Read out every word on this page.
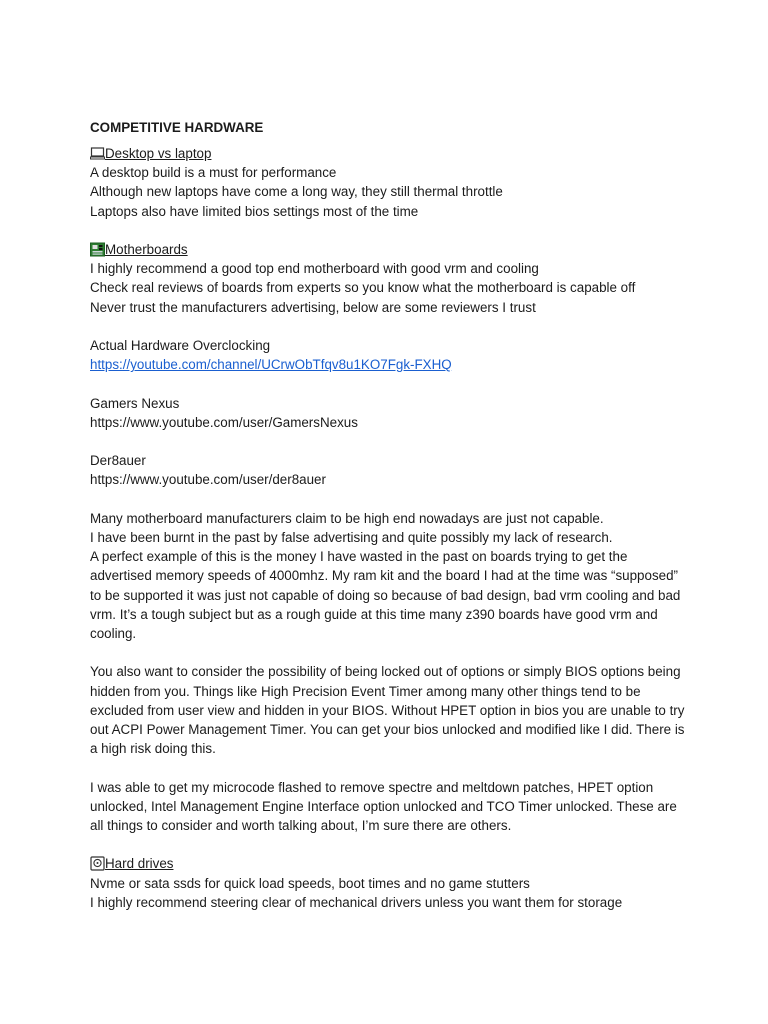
COMPETITIVE HARDWARE
Desktop vs laptop
A desktop build is a must for performance
Although new laptops have come a long way, they still thermal throttle
Laptops also have limited bios settings most of the time
Motherboards
I highly recommend a good top end motherboard with good vrm and cooling
Check real reviews of boards from experts so you know what the motherboard is capable off
Never trust the manufacturers advertising, below are some reviewers I trust
Actual Hardware Overclocking
https://youtube.com/channel/UCrwObTfqv8u1KO7Fgk-FXHQ
Gamers Nexus
https://www.youtube.com/user/GamersNexus
Der8auer
https://www.youtube.com/user/der8auer
Many motherboard manufacturers claim to be high end nowadays are just not capable.
I have been burnt in the past by false advertising and quite possibly my lack of research.
A perfect example of this is the money I have wasted in the past on boards trying to get the advertised memory speeds of 4000mhz. My ram kit and the board I had at the time was “supposed” to be supported it was just not capable of doing so because of bad design, bad vrm cooling and bad vrm. It’s a tough subject but as a rough guide at this time many z390 boards have good vrm and cooling.
You also want to consider the possibility of being locked out of options or simply BIOS options being hidden from you. Things like High Precision Event Timer among many other things tend to be excluded from user view and hidden in your BIOS. Without HPET option in bios you are unable to try out ACPI Power Management Timer. You can get your bios unlocked and modified like I did. There is a high risk doing this.
I was able to get my microcode flashed to remove spectre and meltdown patches, HPET option unlocked, Intel Management Engine Interface option unlocked and TCO Timer unlocked. These are all things to consider and worth talking about, I’m sure there are others.
Hard drives
Nvme or sata ssds for quick load speeds, boot times and no game stutters
I highly recommend steering clear of mechanical drivers unless you want them for storage
